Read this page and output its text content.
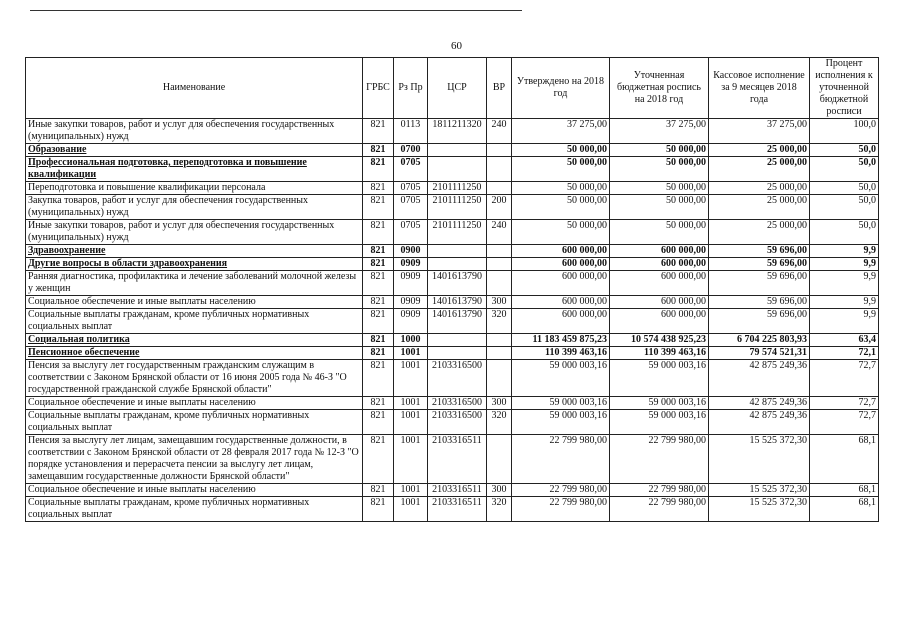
60
Наименование	ГРБС	Рз Пр	ЦСР	ВР	Утверждено на 2018 год	Уточненная бюджетная роспись на 2018 год	Кассовое исполнение за 9 месяцев 2018 года	Процент исполнения к уточненной бюджетной росписи
Иные закупки товаров, работ и услуг для обеспечения государственных (муниципальных) нужд	821	0113	1811211320	240	37 275,00	37 275,00	37 275,00	100,0
Образование	821	0700			50 000,00	50 000,00	25 000,00	50,0
Профессиональная подготовка, переподготовка и повышение квалификации	821	0705			50 000,00	50 000,00	25 000,00	50,0
Переподготовка и повышение квалификации персонала	821	0705	2101111250		50 000,00	50 000,00	25 000,00	50,0
Закупка товаров, работ и услуг для обеспечения государственных (муниципальных) нужд	821	0705	2101111250	200	50 000,00	50 000,00	25 000,00	50,0
Иные закупки товаров, работ и услуг для обеспечения государственных (муниципальных) нужд	821	0705	2101111250	240	50 000,00	50 000,00	25 000,00	50,0
Здравоохранение	821	0900			600 000,00	600 000,00	59 696,00	9,9
Другие вопросы в области здравоохранения	821	0909			600 000,00	600 000,00	59 696,00	9,9
Ранняя диагностика, профилактика и лечение заболеваний молочной железы у женщин	821	0909	1401613790		600 000,00	600 000,00	59 696,00	9,9
Социальное обеспечение и иные выплаты населению	821	0909	1401613790	300	600 000,00	600 000,00	59 696,00	9,9
Социальные выплаты гражданам, кроме публичных нормативных социальных выплат	821	0909	1401613790	320	600 000,00	600 000,00	59 696,00	9,9
Социальная политика	821	1000			11 183 459 875,23	10 574 438 925,23	6 704 225 803,93	63,4
Пенсионное обеспечение	821	1001			110 399 463,16	110 399 463,16	79 574 521,31	72,1
Пенсия за выслугу лет государственным гражданским служащим в соответствии с Законом Брянской области от 16 июня 2005 года № 46-З "О государственной гражданской службе Брянской области"	821	1001	2103316500		59 000 003,16	59 000 003,16	42 875 249,36	72,7
Социальное обеспечение и иные выплаты населению	821	1001	2103316500	300	59 000 003,16	59 000 003,16	42 875 249,36	72,7
Социальные выплаты гражданам, кроме публичных нормативных социальных выплат	821	1001	2103316500	320	59 000 003,16	59 000 003,16	42 875 249,36	72,7
Пенсия за выслугу лет лицам, замещавшим государственные должности, в соответствии с Законом Брянской области от 28 февраля 2017 года № 12-З "О порядке установления и перерасчета пенсии за выслугу лет лицам, замещавшим государственные должности Брянской области"	821	1001	2103316511		22 799 980,00	22 799 980,00	15 525 372,30	68,1
Социальное обеспечение и иные выплаты населению	821	1001	2103316511	300	22 799 980,00	22 799 980,00	15 525 372,30	68,1
Социальные выплаты гражданам, кроме публичных нормативных социальных выплат	821	1001	2103316511	320	22 799 980,00	22 799 980,00	15 525 372,30	68,1
